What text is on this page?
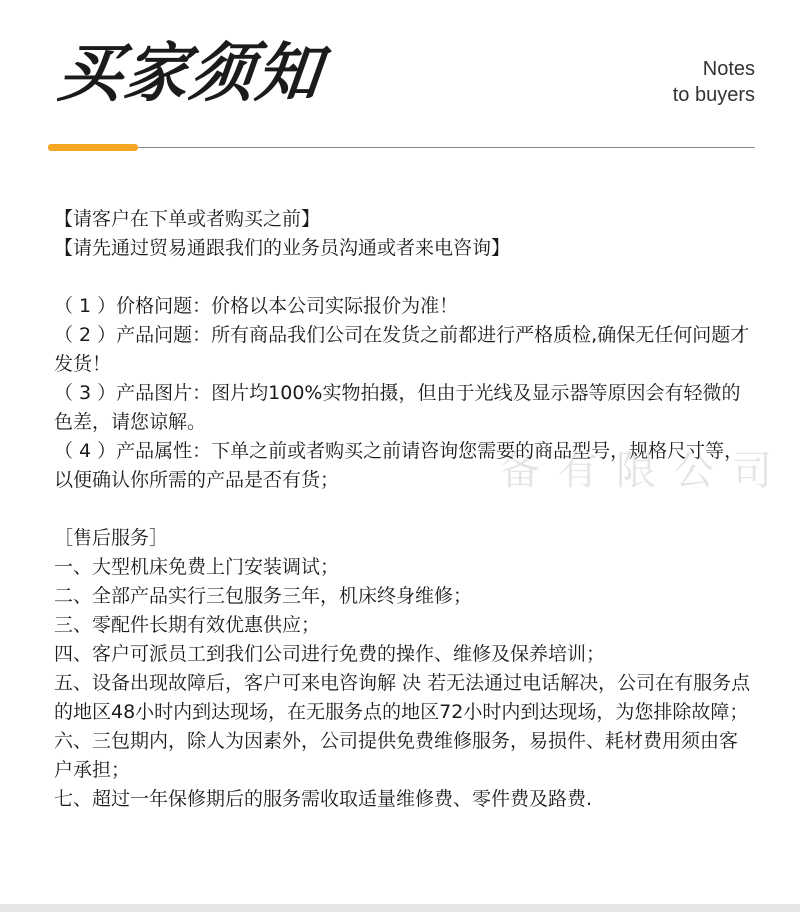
买家须知	Notes
to buyers
备有限公司

【请客户在下单或者购买之前】

【请先通过贸易通跟我们的业务员沟通或者来电咨询】

（ 1 ）价格问题：价格以本公司实际报价为准！

（ 2 ）产品问题：所有商品我们公司在发货之前都进行严格质检,确保无任何问题才发货！

（ 3 ）产品图片：图片均100%实物拍摄，但由于光线及显示器等原因会有轻微的色差，请您谅解。

（ 4 ）产品属性：下单之前或者购买之前请咨询您需要的商品型号，规格尺寸等，以便确认你所需的产品是否有货；

［售后服务］

一、大型机床免费上门安装调试；

二、全部产品实行三包服务三年，机床终身维修；

三、零配件长期有效优惠供应；

四、客户可派员工到我们公司进行免费的操作、维修及保养培训；

五、设备出现故障后，客户可来电咨询解 决 若无法通过电话解决，公司在有服务点的地区48小时内到达现场，在无服务点的地区72小时内到达现场，为您排除故障；

六、三包期内，除人为因素外，公司提供免费维修服务，易损件、耗材费用须由客户承担；

七、超过一年保修期后的服务需收取适量维修费、零件费及路费.
